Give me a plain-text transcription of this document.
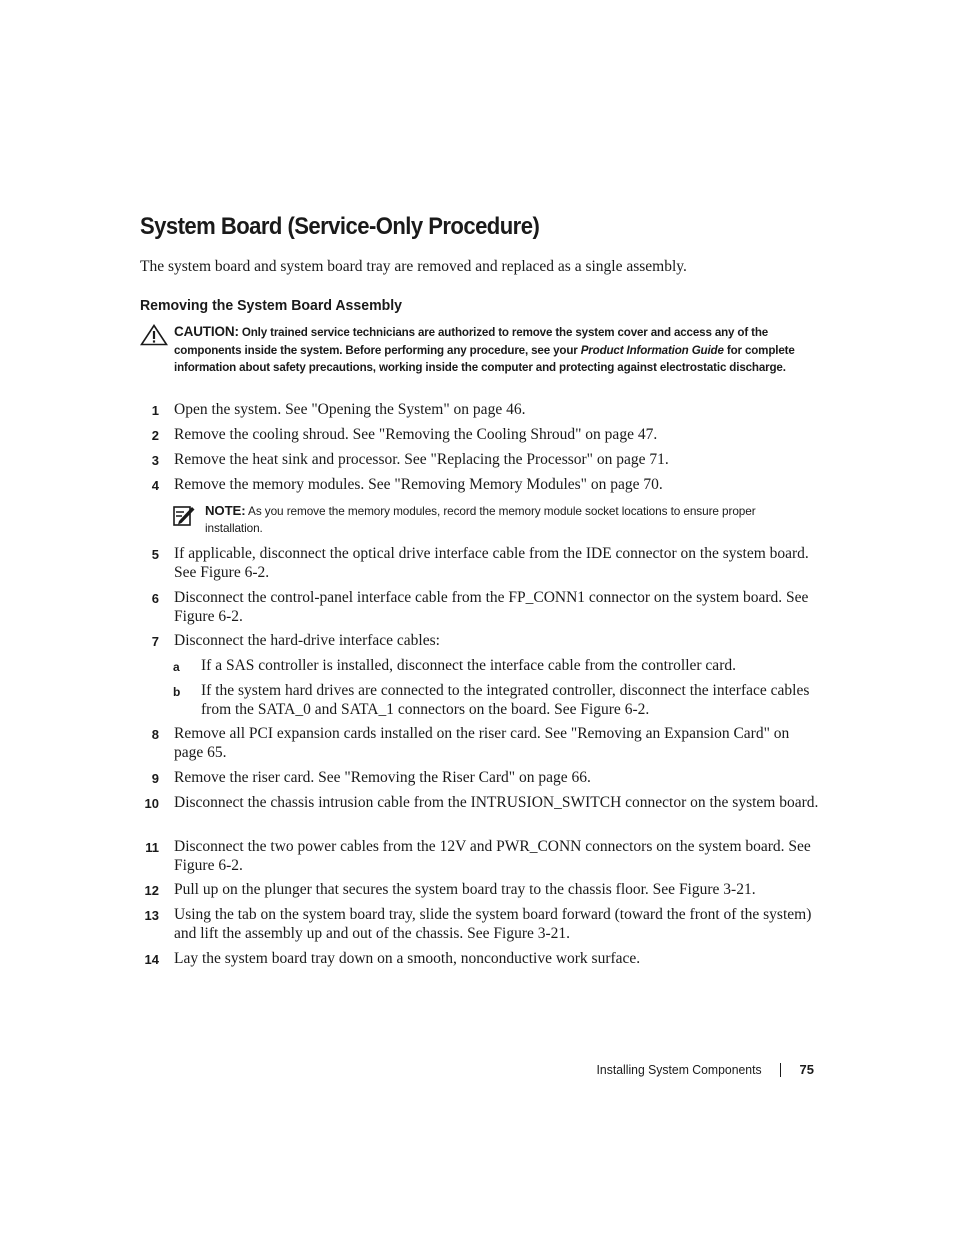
System Board (Service-Only Procedure)

The system board and system board tray are removed and replaced as a single assembly.

Removing the System Board Assembly
CAUTION: Only trained service technicians are authorized to remove the system cover and access any of the components inside the system. Before performing any procedure, see your Product Information Guide for complete information about safety precautions, working inside the computer and protecting against electrostatic discharge.
1 Open the system. See "Opening the System" on page 46.
2 Remove the cooling shroud. See "Removing the Cooling Shroud" on page 47.
3 Remove the heat sink and processor. See "Replacing the Processor" on page 71.
4 Remove the memory modules. See "Removing Memory Modules" on page 70.
NOTE: As you remove the memory modules, record the memory module socket locations to ensure proper installation.
5 If applicable, disconnect the optical drive interface cable from the IDE connector on the system board. See Figure 6-2.
6 Disconnect the control-panel interface cable from the FP_CONN1 connector on the system board. See Figure 6-2.
7 Disconnect the hard-drive interface cables:
a If a SAS controller is installed, disconnect the interface cable from the controller card.
b If the system hard drives are connected to the integrated controller, disconnect the interface cables from the SATA_0 and SATA_1 connectors on the board. See Figure 6-2.
8 Remove all PCI expansion cards installed on the riser card. See "Removing an Expansion Card" on page 65.
9 Remove the riser card. See "Removing the Riser Card" on page 66.
10 Disconnect the chassis intrusion cable from the INTRUSION_SWITCH connector on the system board.
11 Disconnect the two power cables from the 12V and PWR_CONN connectors on the system board. See Figure 6-2.
12 Pull up on the plunger that secures the system board tray to the chassis floor. See Figure 3-21.
13 Using the tab on the system board tray, slide the system board forward (toward the front of the system) and lift the assembly up and out of the chassis. See Figure 3-21.
14 Lay the system board tray down on a smooth, nonconductive work surface.
Installing System Components	75
